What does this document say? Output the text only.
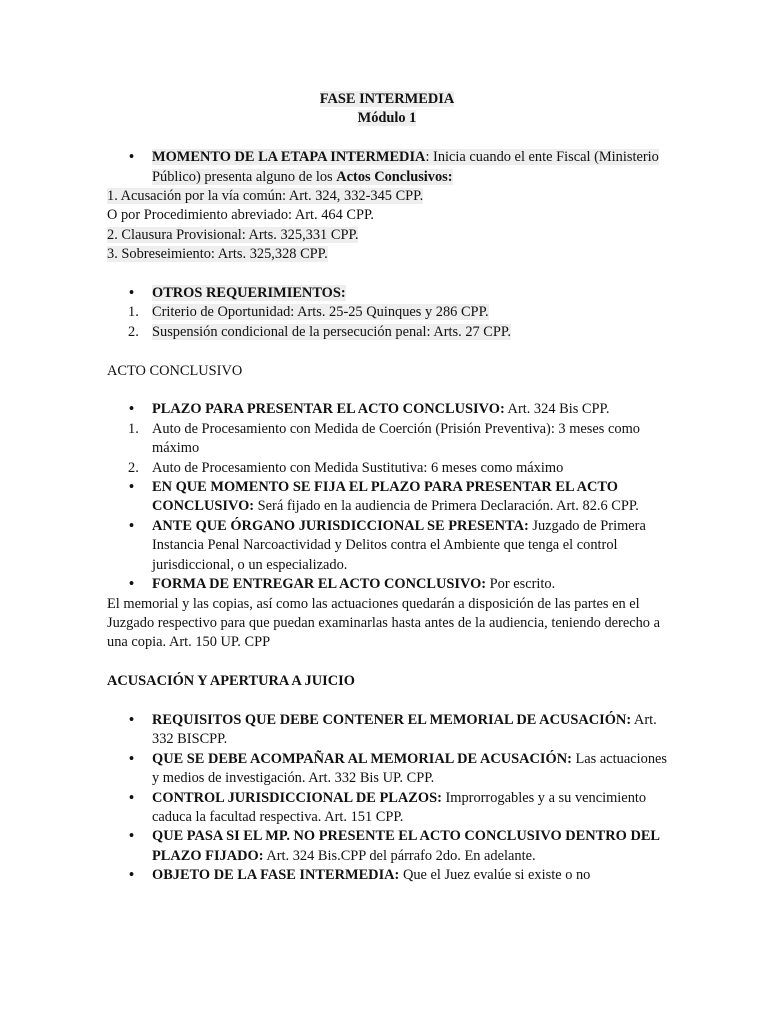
FASE INTERMEDIA
Módulo 1
• MOMENTO DE LA ETAPA INTERMEDIA: Inicia cuando el ente Fiscal (Ministerio Público) presenta alguno de los Actos Conclusivos:

1. Acusación por la vía común: Art. 324, 332-345 CPP.

O por Procedimiento abreviado: Art. 464 CPP.

2. Clausura Provisional: Arts. 325,331 CPP.

3. Sobreseimiento: Arts. 325,328 CPP.

• OTROS REQUERIMIENTOS:
1. Criterio de Oportunidad: Arts. 25-25 Quinques y 286 CPP.
2. Suspensión condicional de la persecución penal: Arts. 27 CPP.

ACTO CONCLUSIVO

• PLAZO PARA PRESENTAR EL ACTO CONCLUSIVO: Art. 324 Bis CPP.
1. Auto de Procesamiento con Medida de Coerción (Prisión Preventiva): 3 meses como máximo
2. Auto de Procesamiento con Medida Sustitutiva: 6 meses como máximo
• EN QUE MOMENTO SE FIJA EL PLAZO PARA PRESENTAR EL ACTO CONCLUSIVO: Será fijado en la audiencia de Primera Declaración. Art. 82.6 CPP.
• ANTE QUE ÓRGANO JURISDICCIONAL SE PRESENTA: Juzgado de Primera Instancia Penal Narcoactividad y Delitos contra el Ambiente que tenga el control jurisdiccional, o un especializado.
• FORMA DE ENTREGAR EL ACTO CONCLUSIVO: Por escrito.

El memorial y las copias, así como las actuaciones quedarán a disposición de las partes en el Juzgado respectivo para que puedan examinarlas hasta antes de la audiencia, teniendo derecho a una copia. Art. 150 UP. CPP

ACUSACIÓN Y APERTURA A JUICIO

• REQUISITOS QUE DEBE CONTENER EL MEMORIAL DE ACUSACIÓN: Art. 332 BISCPP.
• QUE SE DEBE ACOMPAÑAR AL MEMORIAL DE ACUSACIÓN: Las actuaciones y medios de investigación. Art. 332 Bis UP. CPP.
• CONTROL JURISDICCIONAL DE PLAZOS: Improrrogables y a su vencimiento caduca la facultad respectiva. Art. 151 CPP.
• QUE PASA SI EL MP. NO PRESENTE EL ACTO CONCLUSIVO DENTRO DEL PLAZO FIJADO: Art. 324 Bis.CPP del párrafo 2do. En adelante.
• OBJETO DE LA FASE INTERMEDIA: Que el Juez evalúe si existe o no
